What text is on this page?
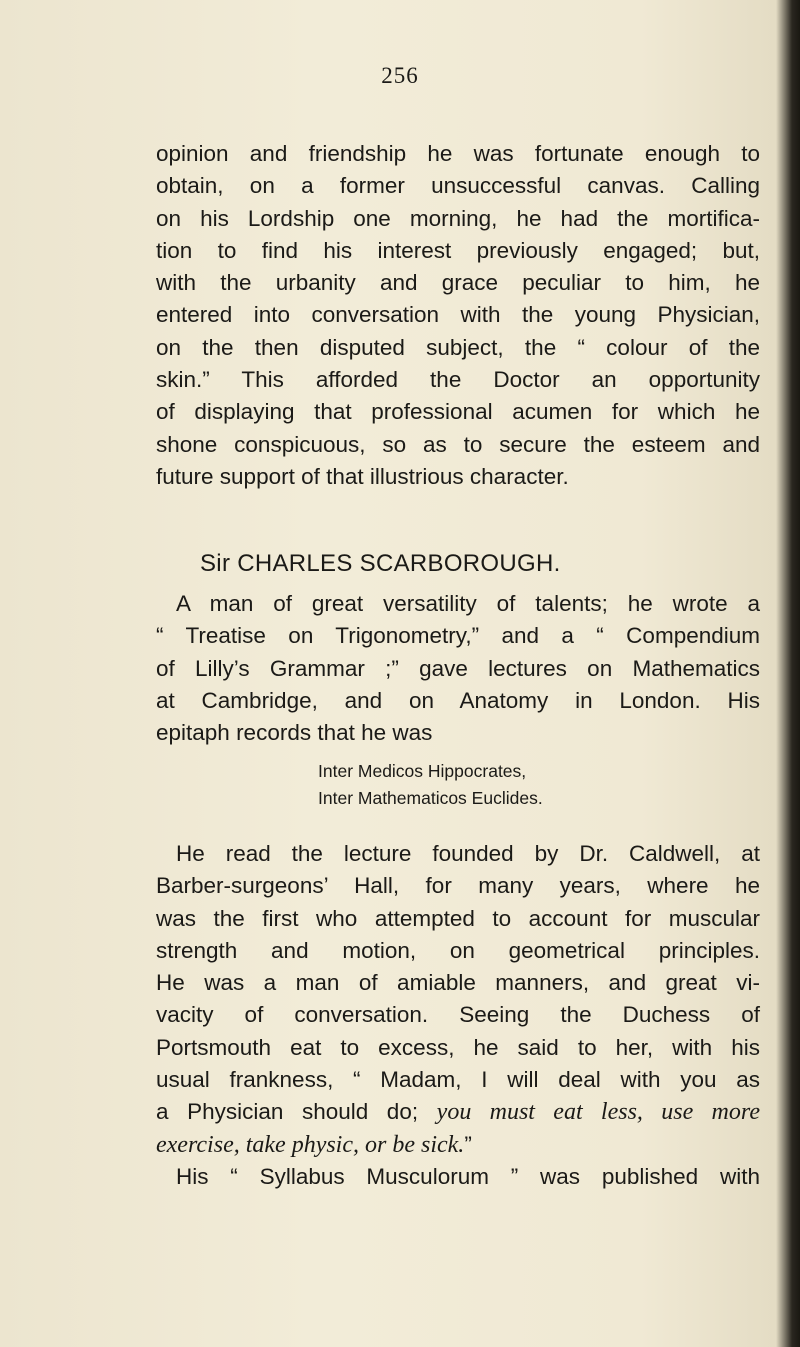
256
opinion and friendship he was fortunate enough to
obtain, on a former unsuccessful canvas. Calling
on his Lordship one morning, he had the mortifica-
tion to find his interest previously engaged; but,
with the urbanity and grace peculiar to him, he
entered into conversation with the young Physician,
on the then disputed subject, the “ colour of the
skin.” This afforded the Doctor an opportunity
of displaying that professional acumen for which he
shone conspicuous, so as to secure the esteem and
future support of that illustrious character.
Sir CHARLES SCARBOROUGH.
A man of great versatility of talents; he wrote a
“ Treatise on Trigonometry,” and a “ Compendium
of Lilly’s Grammar ;” gave lectures on Mathematics
at Cambridge, and on Anatomy in London. His
epitaph records that he was
Inter Medicos Hippocrates,
Inter Mathematicos Euclides.
He read the lecture founded by Dr. Caldwell, at
Barber-surgeons’ Hall, for many years, where he
was the first who attempted to account for muscular
strength and motion, on geometrical principles.
He was a man of amiable manners, and great vi-
vacity of conversation. Seeing the Duchess of
Portsmouth eat to excess, he said to her, with his
usual frankness, “ Madam, I will deal with you as
a Physician should do; you must eat less, use more
exercise, take physic, or be sick.”
His “ Syllabus Musculorum ” was published with
